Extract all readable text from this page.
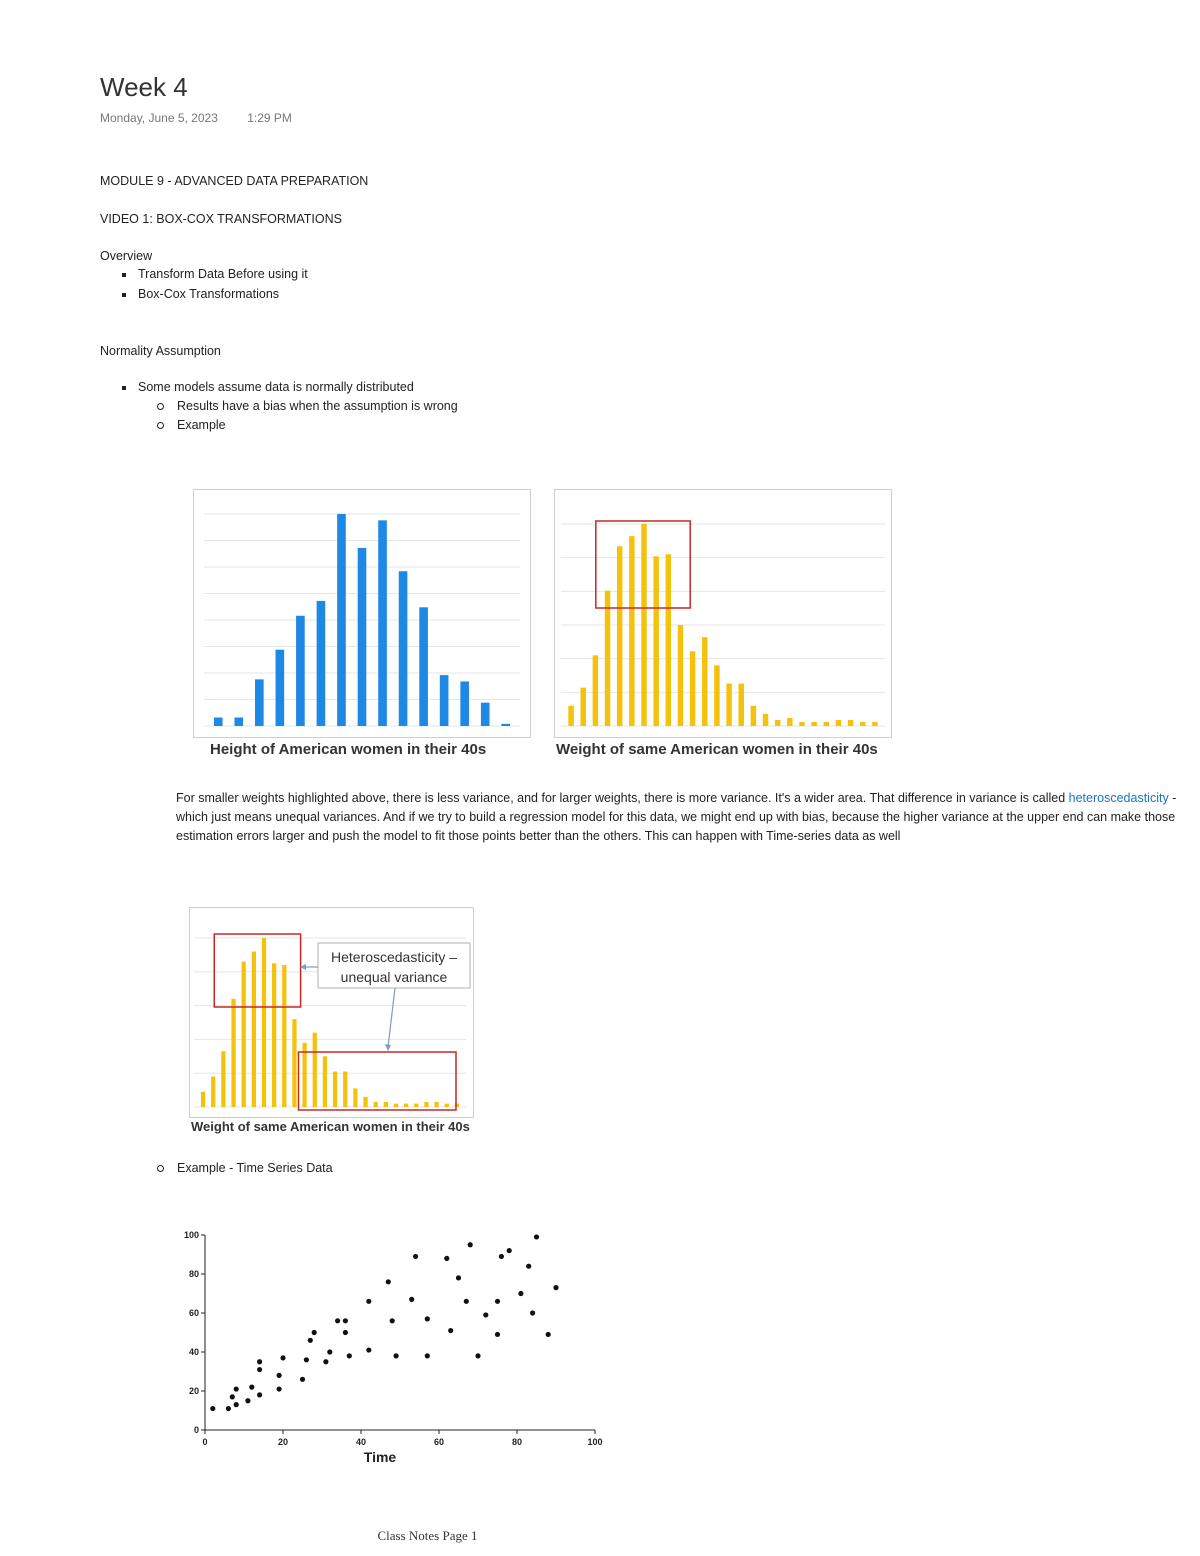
Week 4
Monday, June 5, 2023 1:29 PM
MODULE 9 - ADVANCED DATA PREPARATION
VIDEO 1: BOX-COX TRANSFORMATIONS
Overview
Transform Data Before using it
Box-Cox Transformations
Normality Assumption
Some models assume data is normally distributed
Results have a bias when the assumption is wrong
Example
Height of American women in their 40s	Weight of same American women in their 40s
For smaller weights highlighted above, there is less variance, and for larger weights, there is more variance. It's a wider area. That difference in variance is called heteroscedasticity - which just means unequal variances. And if we try to build a regression model for this data, we might end up with bias, because the higher variance at the upper end can make those estimation errors larger and push the model to fit those points better than the others. This can happen with Time-series data as well
Heteroscedasticity –
unequal variance
Weight of same American women in their 40s
Example - Time Series Data
0	20	40	60	80	100
0
20
40
60
80
100
Time
Class Notes Page 1
